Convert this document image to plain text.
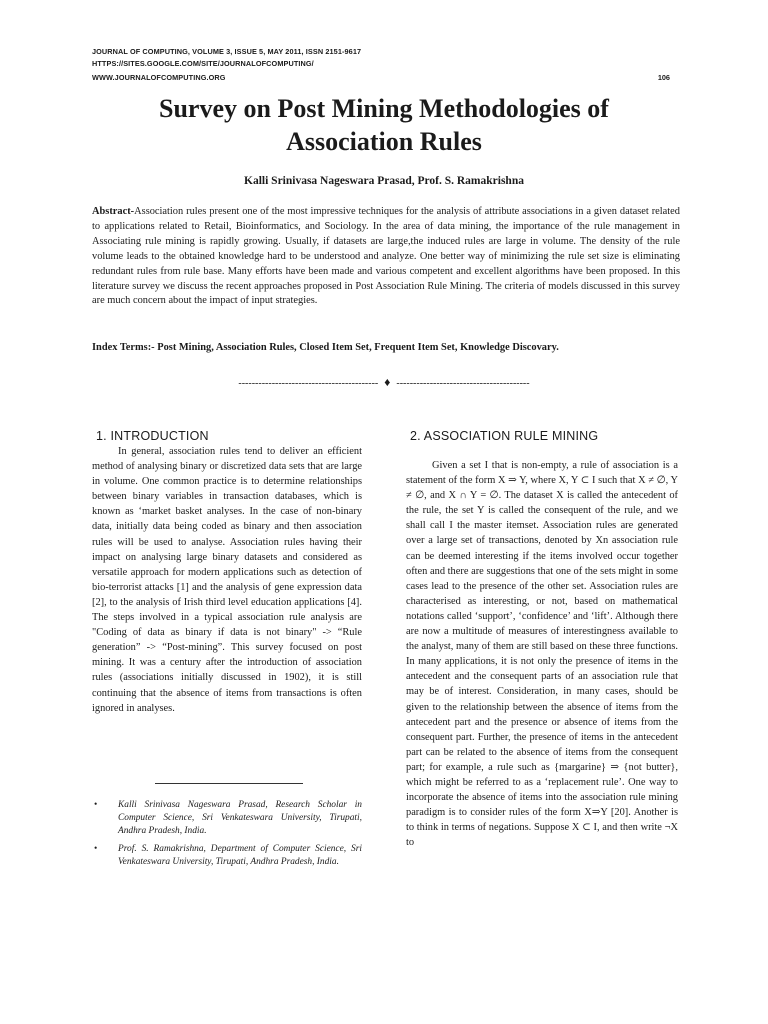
JOURNAL OF COMPUTING, VOLUME 3, ISSUE 5, MAY 2011, ISSN 2151-9617
HTTPS://SITES.GOOGLE.COM/SITE/JOURNALOFCOMPUTING/
WWW.JOURNALOFCOMPUTING.ORG	106
Survey on Post Mining Methodologies of
Association Rules
Kalli Srinivasa Nageswara Prasad, Prof. S. Ramakrishna
Abstract-Association rules present one of the most impressive techniques for the analysis of attribute associations in a given dataset related to applications related to Retail, Bioinformatics, and Sociology. In the area of data mining, the importance of the rule management in Associating rule mining is rapidly growing. Usually, if datasets are large,the induced rules are large in volume. The density of the rule volume leads to the obtained knowledge hard to be understood and analyze. One better way of minimizing the rule set size is eliminating redundant rules from rule base. Many efforts have been made and various competent and excellent algorithms have been proposed. In this literature survey we discuss the recent approaches proposed in Post Association Rule Mining. The criteria of models discussed in this survey are much concern about the impact of input strategies.
Index Terms:- Post Mining, Association Rules, Closed Item Set, Frequent Item Set, Knowledge Discovary.
------------------------------------------ ♦ ----------------------------------------
1. INTRODUCTION

In general, association rules tend to deliver an efficient method of analysing binary or discretized data sets that are large in volume. One common practice is to determine relationships between binary variables in transaction databases, which is known as ‘market basket analyses. In the case of non-binary data, initially data being coded as binary and then association rules will be used to analyse. Association rules having their impact on analysing large binary datasets and considered as versatile approach for modern applications such as detection of bio-terrorist attacks [1] and the analysis of gene expression data [2], to the analysis of Irish third level education applications [4]. The steps involved in a typical association rule analysis are "Coding of data as binary if data is not binary" -> “Rule generation” -> “Post-mining”. This survey focused on post mining. It was a century after the introduction of association rules (associations initially discussed in 1902), it is still continuing that the absence of items from transactions is often ignored in analyses.

• Kalli Srinivasa Nageswara Prasad, Research Scholar in Computer Science, Sri Venkateswara University, Tirupati, Andhra Pradesh, India.
• Prof. S. Ramakrishna, Department of Computer Science, Sri Venkateswara University, Tirupati, Andhra Pradesh, India.
2. ASSOCIATION RULE MINING

Given a set I that is non-empty, a rule of association is a statement of the form X ⇒ Y, where X, Y ⊂ I such that X ≠ ∅, Y ≠ ∅, and X ∩ Y = ∅. The dataset X is called the antecedent of the rule, the set Y is called the consequent of the rule, and we shall call I the master itemset. Association rules are generated over a large set of transactions, denoted by Xn association rule can be deemed interesting if the items involved occur together often and there are suggestions that one of the sets might in some cases lead to the presence of the other set. Association rules are characterised as interesting, or not, based on mathematical notations called ‘support’, ‘confidence’ and ‘lift’. Although there are now a multitude of measures of interestingness available to the analyst, many of them are still based on these three functions. In many applications, it is not only the presence of items in the antecedent and the consequent parts of an association rule that may be of interest. Consideration, in many cases, should be given to the relationship between the absence of items from the antecedent part and the presence or absence of items from the consequent part. Further, the presence of items in the antecedent part can be related to the absence of items from the consequent part; for example, a rule such as {margarine} ⇒ {not butter}, which might be referred to as a ‘replacement rule’. One way to incorporate the absence of items into the association rule mining paradigm is to consider rules of the form X⇒Y [20]. Another is to think in terms of negations. Suppose X ⊂ I, and then write ¬X to
